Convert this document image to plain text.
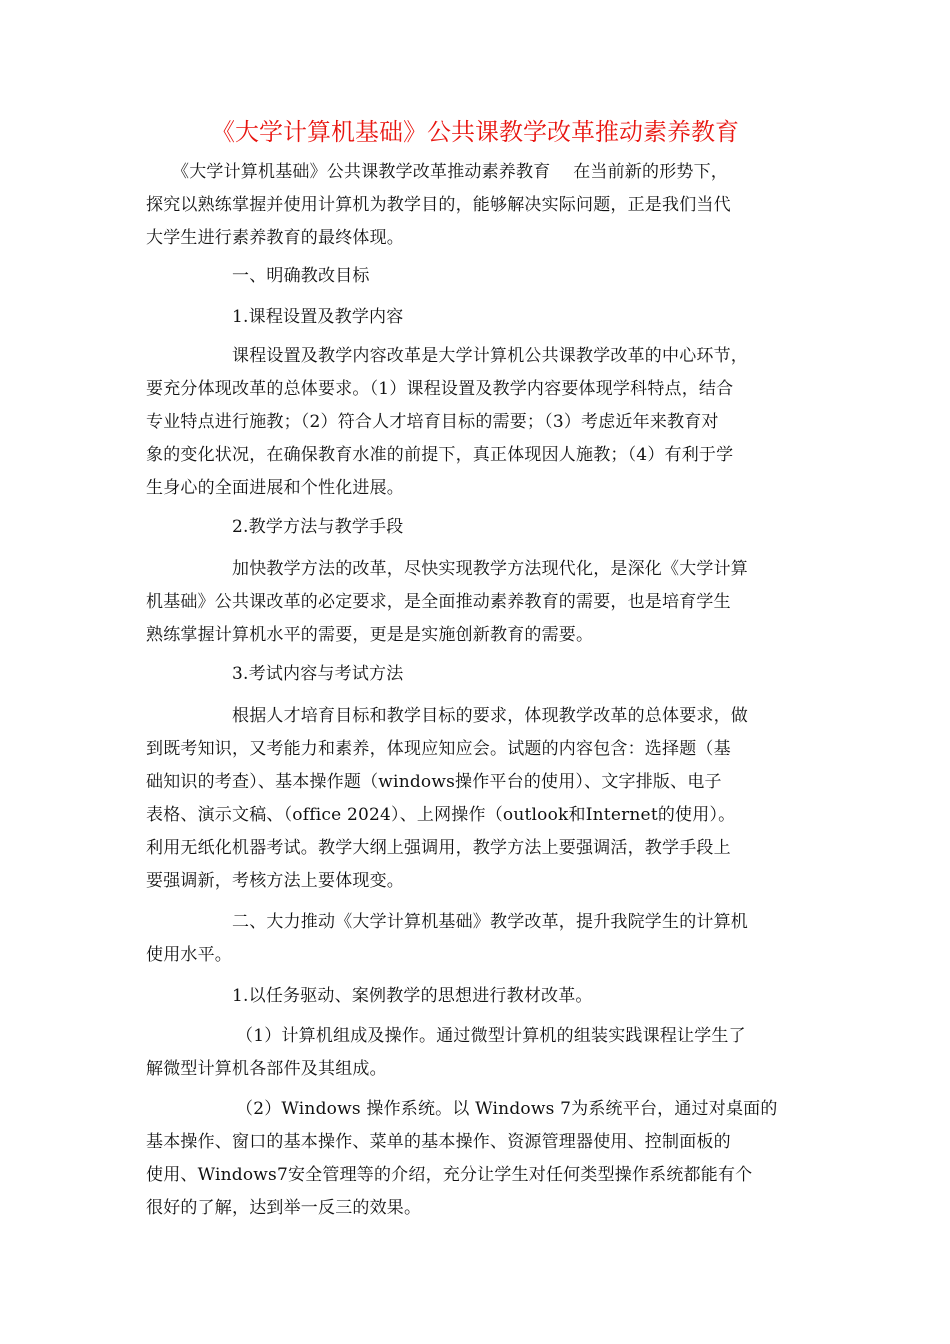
《大学计算机基础》公共课教学改革推动素养教育

《大学计算机基础》公共课教学改革推动素养教育　 在当前新的形势下，

探究以熟练掌握并使用计算机为教学目的，能够解决实际问题，正是我们当代

大学生进行素养教育的最终体现。

一、明确教改目标

1.课程设置及教学内容

课程设置及教学内容改革是大学计算机公共课教学改革的中心环节，

要充分体现改革的总体要求。（1）课程设置及教学内容要体现学科特点，结合

专业特点进行施教；（2）符合人才培育目标的需要；（3）考虑近年来教育对

象的变化状况，在确保教育水准的前提下，真正体现因人施教；（4）有利于学

生身心的全面进展和个性化进展。

2.教学方法与教学手段

加快教学方法的改革，尽快实现教学方法现代化，是深化《大学计算

机基础》公共课改革的必定要求，是全面推动素养教育的需要，也是培育学生

熟练掌握计算机水平的需要，更是是实施创新教育的需要。

3.考试内容与考试方法

根据人才培育目标和教学目标的要求，体现教学改革的总体要求，做

到既考知识，又考能力和素养，体现应知应会。试题的内容包含：选择题（基

础知识的考查）、基本操作题（windows操作平台的使用）、文字排版、电子

表格、演示文稿、（office 2024）、上网操作（outlook和Internet的使用）。

利用无纸化机器考试。教学大纲上强调用，教学方法上要强调活，教学手段上

要强调新，考核方法上要体现变。

二、大力推动《大学计算机基础》教学改革，提升我院学生的计算机

使用水平。

1.以任务驱动、案例教学的思想进行教材改革。

（1）计算机组成及操作。通过微型计算机的组装实践课程让学生了

解微型计算机各部件及其组成。

（2）Windows 操作系统。以 Windows 7为系统平台，通过对桌面的

基本操作、窗口的基本操作、菜单的基本操作、资源管理器使用、控制面板的

使用、Windows7安全管理等的介绍，充分让学生对任何类型操作系统都能有个

很好的了解，达到举一反三的效果。
